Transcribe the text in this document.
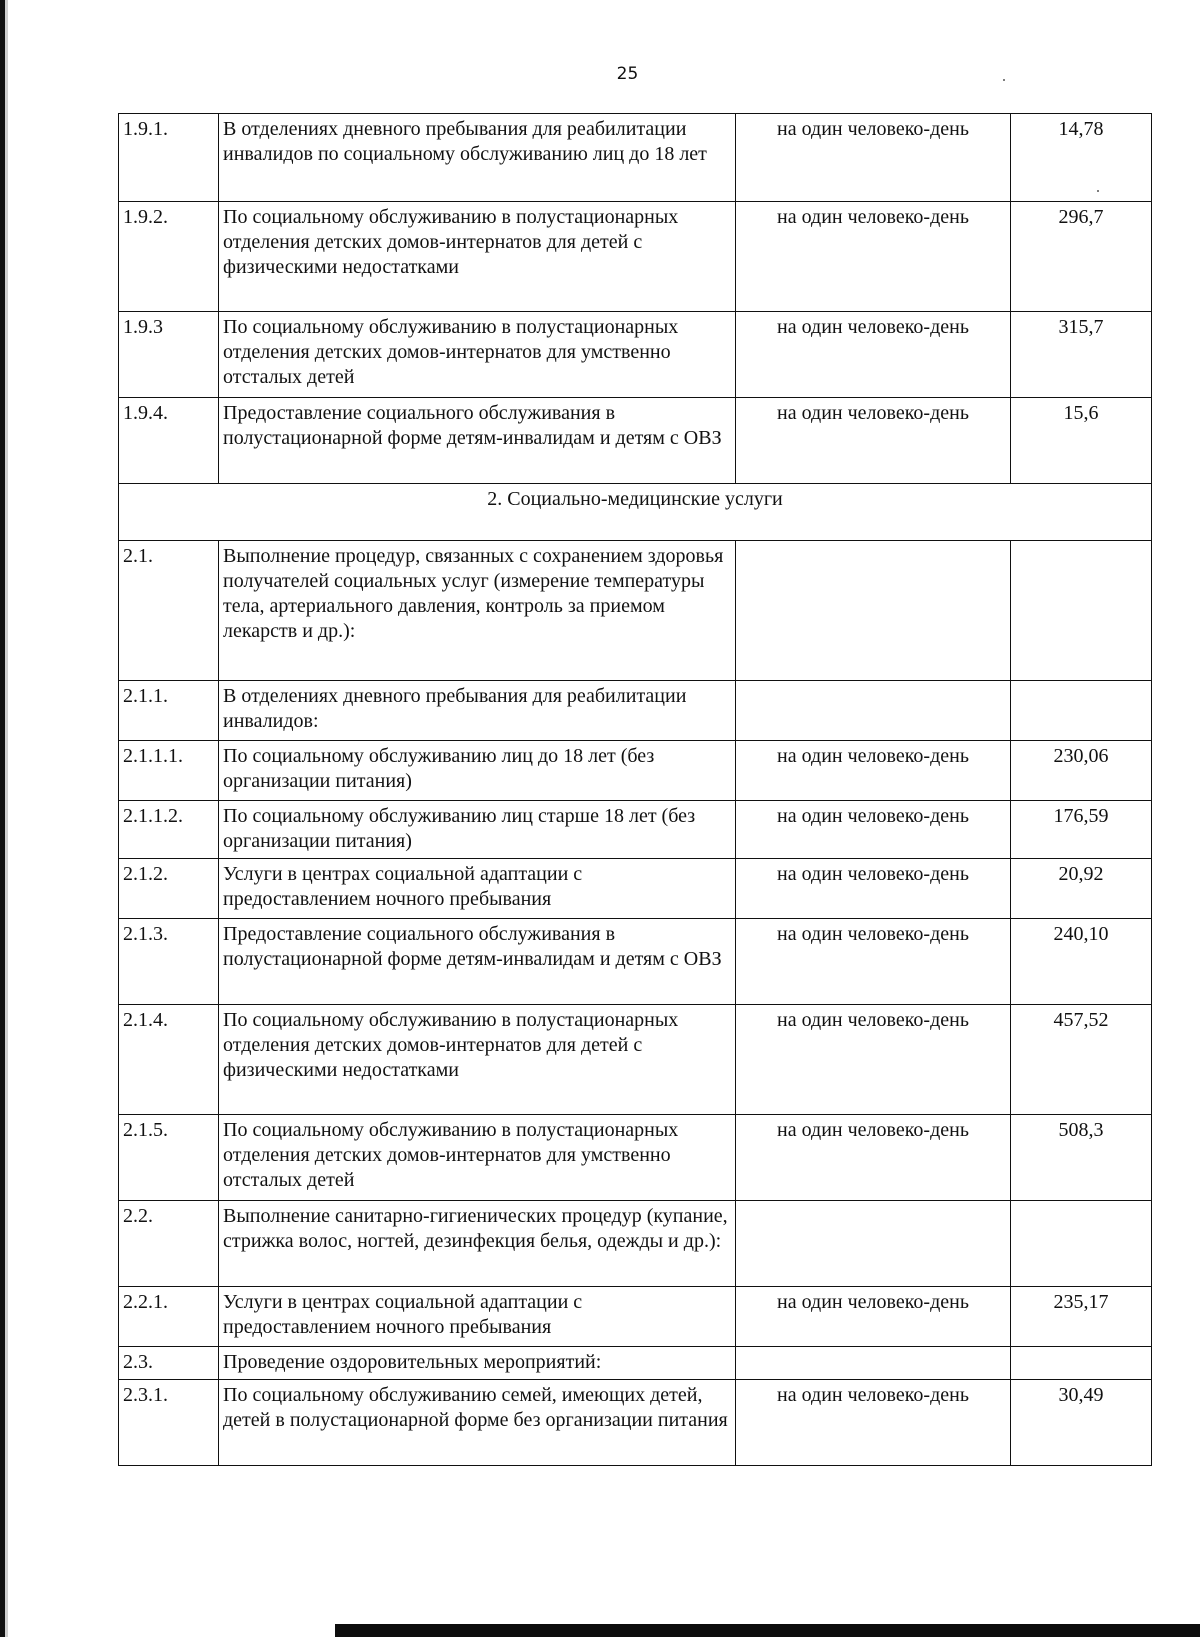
25
1.9.1.	В отделениях дневного пребывания для реабилитации инвалидов по социальному обслуживанию лиц до 18 лет	на один человеко-день	14,78
1.9.2.	По социальному обслуживанию в полустационарных отделения детских домов-интернатов для детей с физическими недостатками	на один человеко-день	296,7
1.9.3	По социальному обслуживанию в полустационарных отделения детских домов-интернатов для умственно отсталых детей	на один человеко-день	315,7
1.9.4.	Предоставление социального обслуживания в полустационарной форме детям-инвалидам и детям с ОВЗ	на один человеко-день	15,6
2. Социально-медицинские услуги			
2.1.	Выполнение процедур, связанных с сохранением здоровья получателей социальных услуг (измерение температуры тела, артериального давления, контроль за приемом лекарств и др.):		
2.1.1.	В отделениях дневного пребывания для реабилитации инвалидов:		
2.1.1.1.	По социальному обслуживанию лиц до 18 лет (без организации питания)	на один человеко-день	230,06
2.1.1.2.	По социальному обслуживанию лиц старше 18 лет (без организации питания)	на один человеко-день	176,59
2.1.2.	Услуги в центрах социальной адаптации с предоставлением ночного пребывания	на один человеко-день	20,92
2.1.3.	Предоставление социального обслуживания в полустационарной форме детям-инвалидам и детям с ОВЗ	на один человеко-день	240,10
2.1.4.	По социальному обслуживанию в полустационарных отделения детских домов-интернатов для детей с физическими недостатками	на один человеко-день	457,52
2.1.5.	По социальному обслуживанию в полустационарных отделения детских домов-интернатов для умственно отсталых детей	на один человеко-день	508,3
2.2.	Выполнение санитарно-гигиенических процедур (купание, стрижка волос, ногтей, дезинфекция белья, одежды и др.):		
2.2.1.	Услуги в центрах социальной адаптации с предоставлением ночного пребывания	на один человеко-день	235,17
2.3.	Проведение оздоровительных мероприятий:		
2.3.1.	По социальному обслуживанию семей, имеющих детей, детей в полустационарной форме без организации питания	на один человеко-день	30,49
